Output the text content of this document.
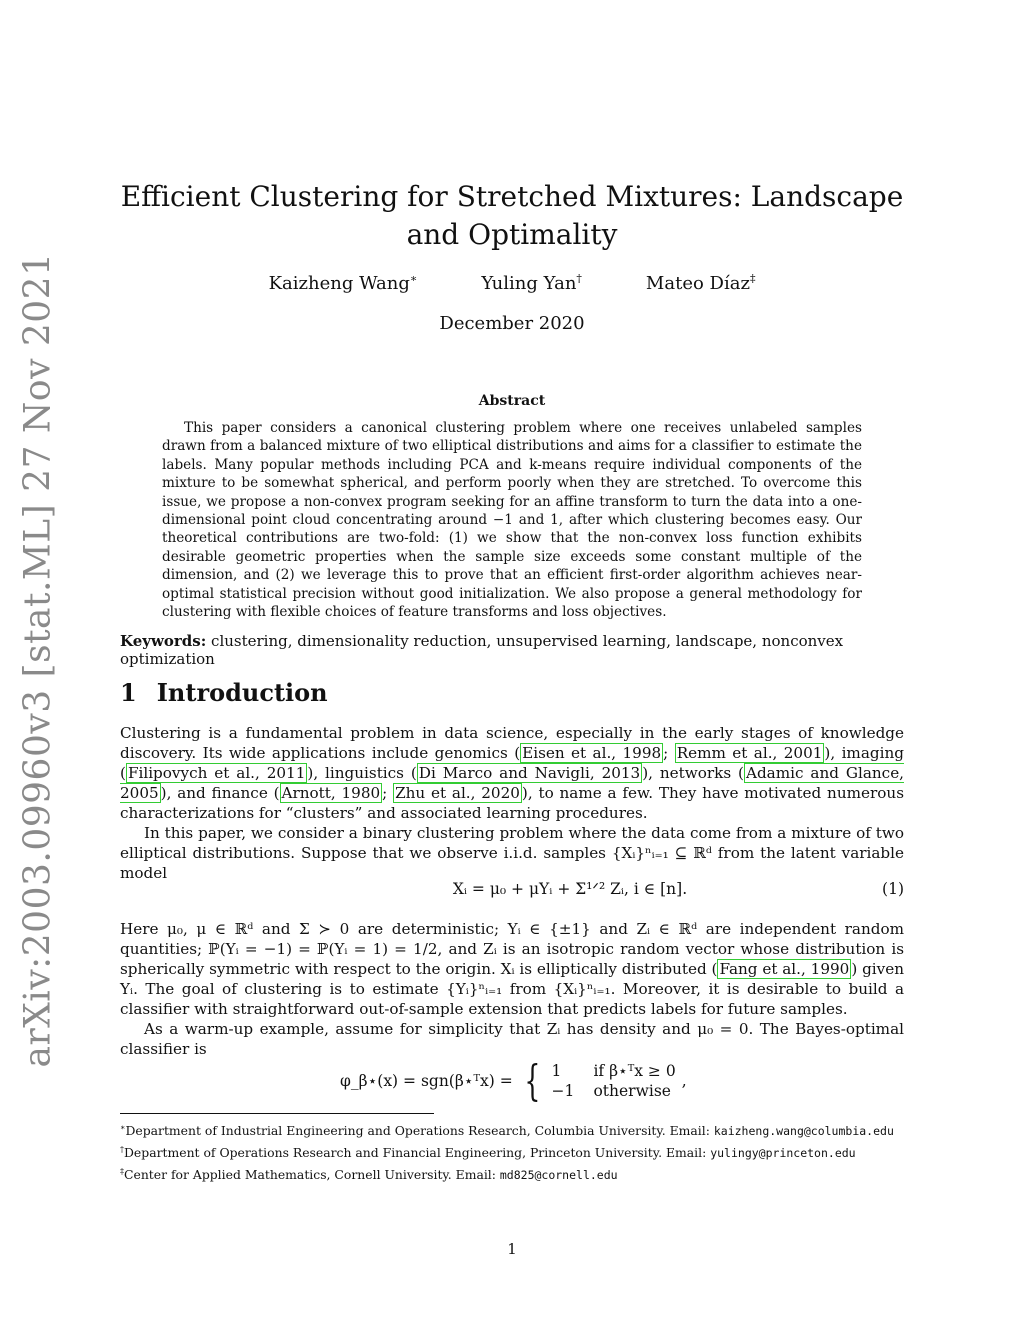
arXiv:2003.09960v3 [stat.ML] 27 Nov 2021
Efficient Clustering for Stretched Mixtures: Landscape and Optimality
Kaizheng Wang∗	Yuling Yan†	Mateo Díaz‡
December 2020
Abstract
This paper considers a canonical clustering problem where one receives unlabeled samples drawn from a balanced mixture of two elliptical distributions and aims for a classifier to estimate the labels. Many popular methods including PCA and k-means require individual components of the mixture to be somewhat spherical, and perform poorly when they are stretched. To overcome this issue, we propose a non-convex program seeking for an affine transform to turn the data into a one-dimensional point cloud concentrating around −1 and 1, after which clustering becomes easy. Our theoretical contributions are two-fold: (1) we show that the non-convex loss function exhibits desirable geometric properties when the sample size exceeds some constant multiple of the dimension, and (2) we leverage this to prove that an efficient first-order algorithm achieves near-optimal statistical precision without good initialization. We also propose a general methodology for clustering with flexible choices of feature transforms and loss objectives.
Keywords: clustering, dimensionality reduction, unsupervised learning, landscape, nonconvex optimization
1 Introduction
Clustering is a fundamental problem in data science, especially in the early stages of knowledge discovery. Its wide applications include genomics ( Eisen et al., 1998 ; Remm et al., 2001 ), imaging ( Filipovych et al., 2011 ), linguistics ( Di Marco and Navigli, 2013 ), networks ( Adamic and Glance, 2005 ), and finance ( Arnott, 1980 ; Zhu et al., 2020 ), to name a few. They have motivated numerous characterizations for “clusters” and associated learning procedures.
In this paper, we consider a binary clustering problem where the data come from a mixture of two elliptical distributions. Suppose that we observe i.i.d. samples {Xᵢ}ⁿᵢ₌₁ ⊆ ℝᵈ from the latent variable model
Xᵢ = μ₀ + μYᵢ + Σ¹ᐟ² Zᵢ, i ∈ [n].	(1)
Here μ₀, μ ∈ ℝᵈ and Σ ≻ 0 are deterministic; Yᵢ ∈ {±1} and Zᵢ ∈ ℝᵈ are independent random quantities; ℙ(Yᵢ = −1) = ℙ(Yᵢ = 1) = 1/2, and Zᵢ is an isotropic random vector whose distribution is spherically symmetric with respect to the origin. Xᵢ is elliptically distributed ( Fang et al., 1990 ) given Yᵢ. The goal of clustering is to estimate {Yᵢ}ⁿᵢ₌₁ from {Xᵢ}ⁿᵢ₌₁. Moreover, it is desirable to build a classifier with straightforward out-of-sample extension that predicts labels for future samples.
As a warm-up example, assume for simplicity that Zᵢ has density and μ₀ = 0. The Bayes-optimal classifier is
φ_β⋆(x) = sgn(β⋆ᵀx) = { 1	if β⋆ᵀx ≥ 0
−1 otherwise
,
∗Department of Industrial Engineering and Operations Research, Columbia University. Email: kaizheng.wang@columbia.edu
†Department of Operations Research and Financial Engineering, Princeton University. Email: yulingy@princeton.edu
‡Center for Applied Mathematics, Cornell University. Email: md825@cornell.edu
1
